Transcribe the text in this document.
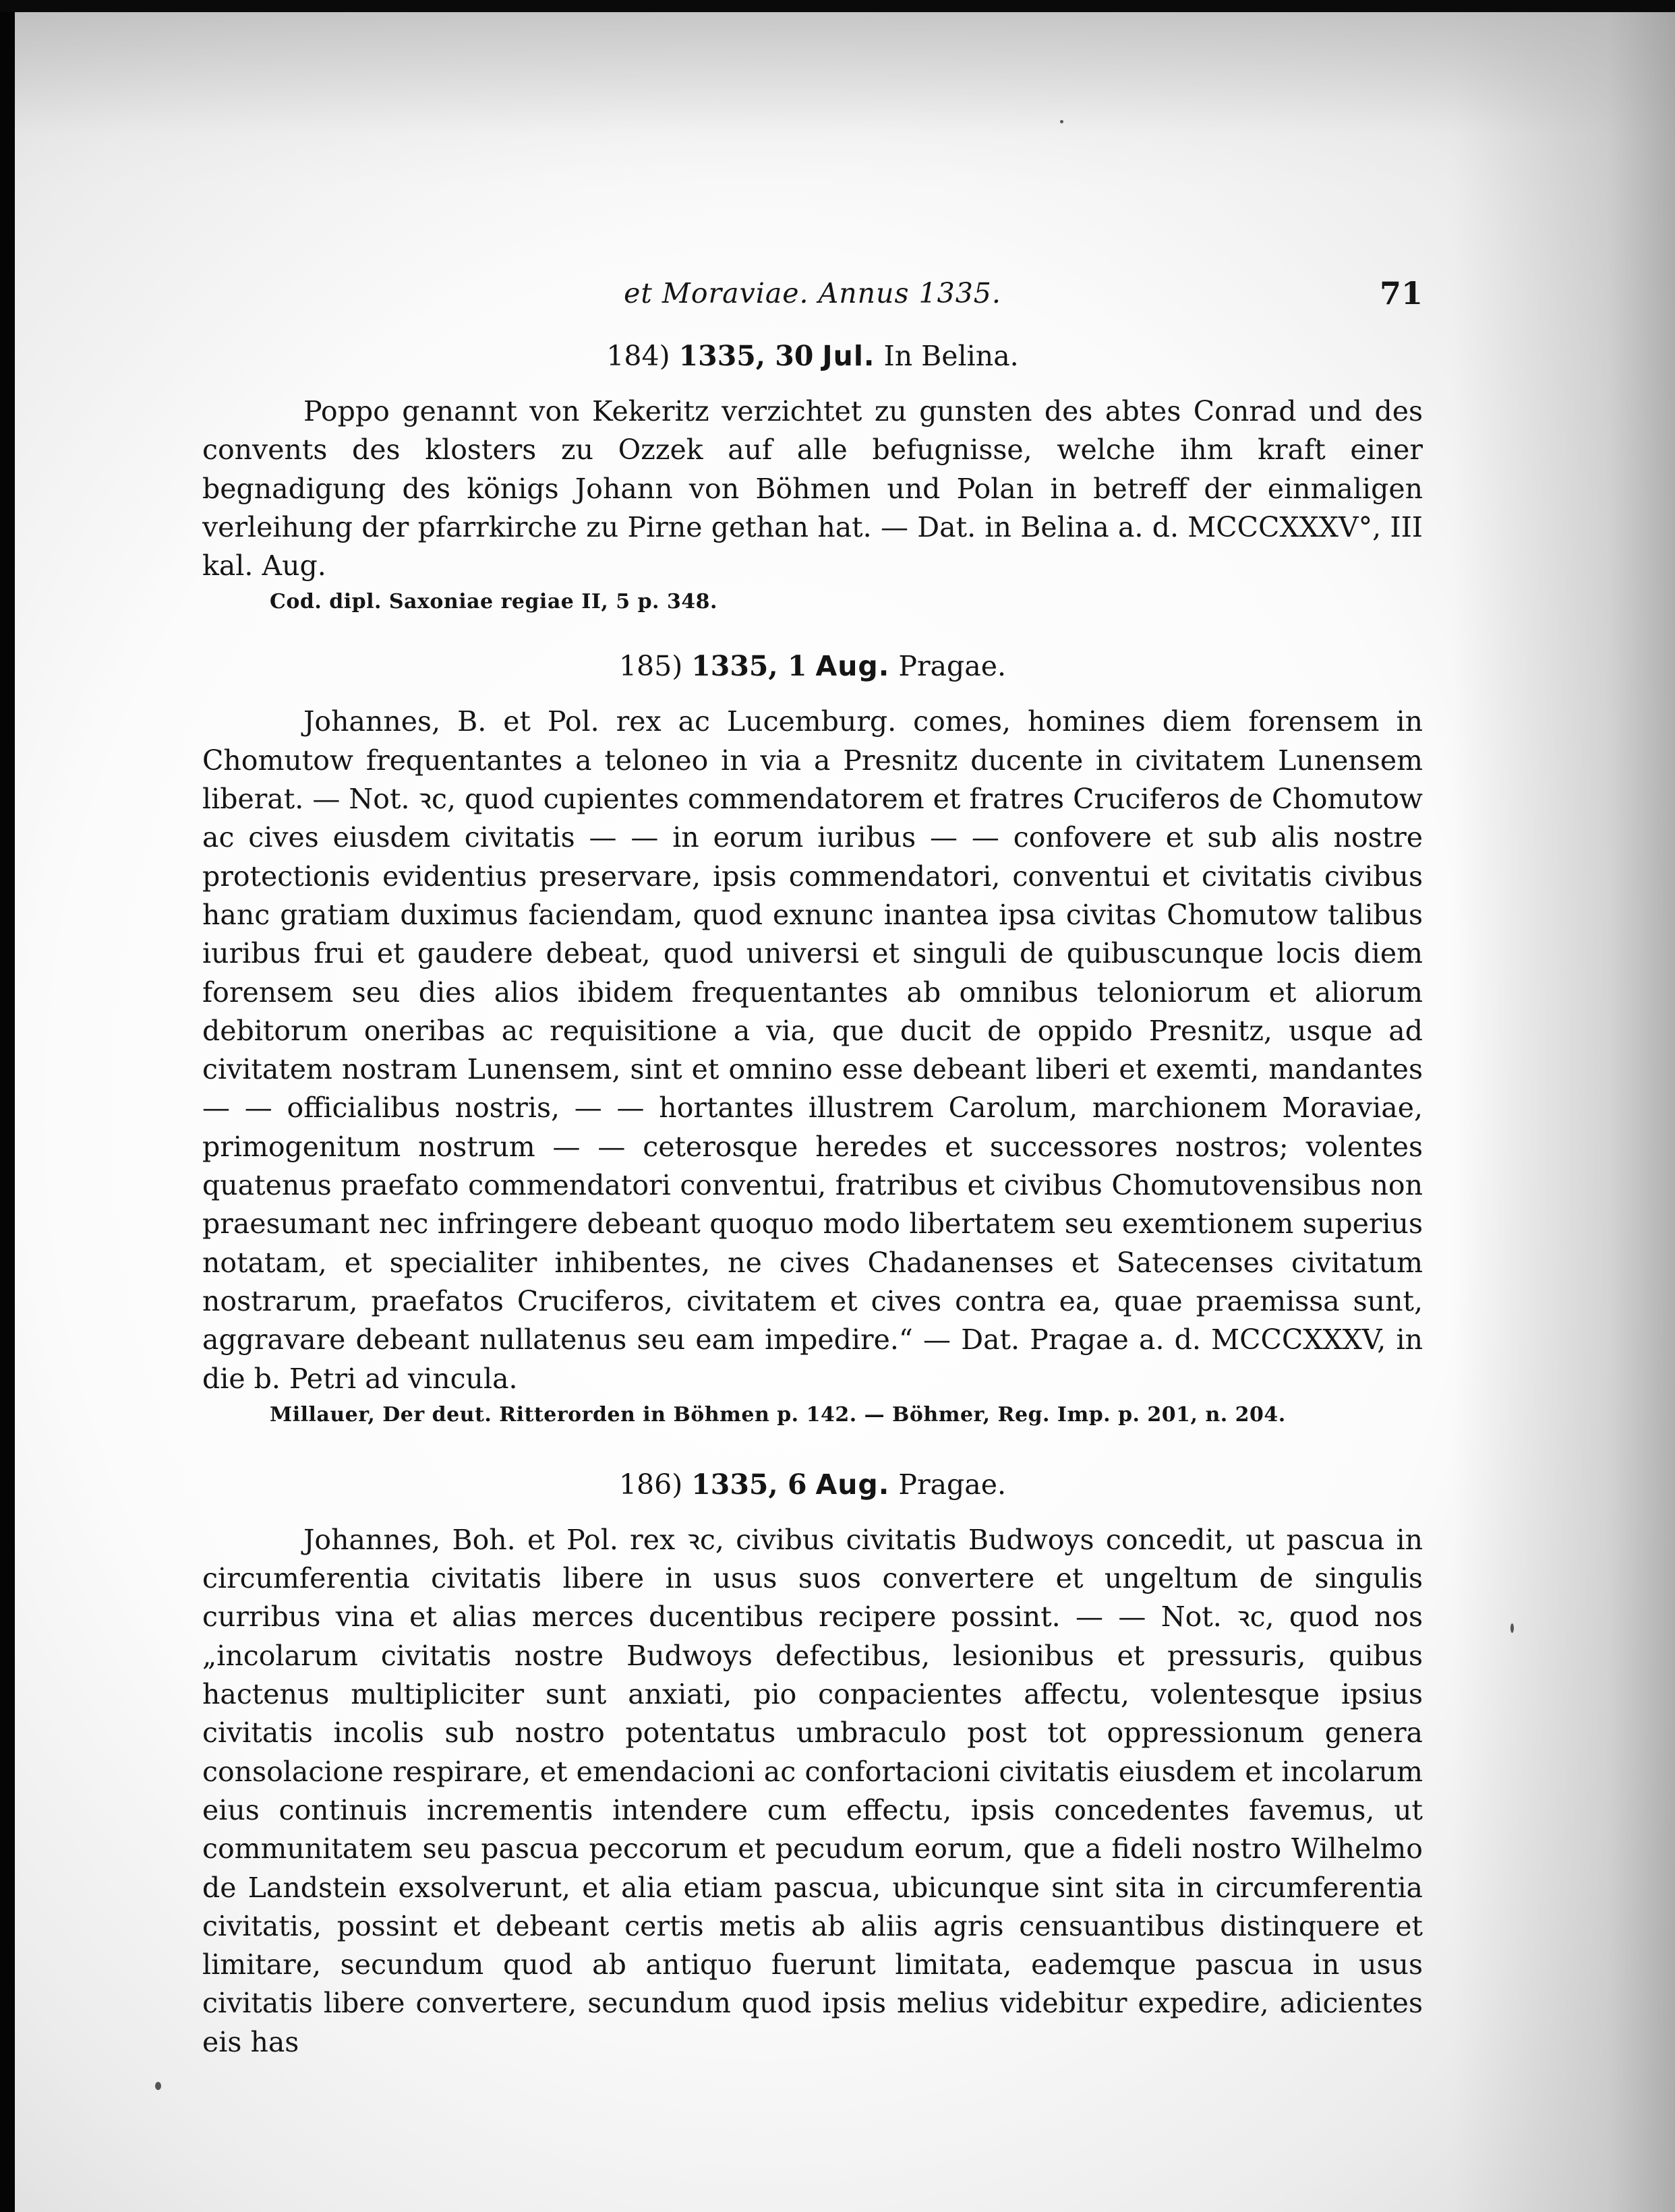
et Moraviae. Annus 1335.	71

184) 1335, 30 Jul. In Belina.

Poppo genannt von Kekeritz verzichtet zu gunsten des abtes Conrad und des convents des klosters zu Ozzek auf alle befugnisse, welche ihm kraft einer begnadigung des königs Johann von Böhmen und Polan in betreff der einmaligen verleihung der pfarrkirche zu Pirne gethan hat. — Dat. in Belina a. d. MCCCXXXV°, III kal. Aug.

Cod. dipl. Saxoniae regiae II, 5 p. 348.

185) 1335, 1 Aug. Pragae.

Johannes, B. et Pol. rex ac Lucemburg. comes, homines diem forensem in Chomutow frequentantes a teloneo in via a Presnitz ducente in civitatem Lunensem liberat. — Not. ꝛc, quod cupientes commendatorem et fratres Cruciferos de Chomutow ac cives eiusdem civitatis — — in eorum iuribus — — confovere et sub alis nostre protectionis evidentius preservare, ipsis commendatori, conventui et civitatis civibus hanc gratiam duximus faciendam, quod exnunc inantea ipsa civitas Chomutow talibus iuribus frui et gaudere debeat, quod universi et singuli de quibuscunque locis diem forensem seu dies alios ibidem frequentantes ab omnibus teloniorum et aliorum debitorum oneribas ac requisitione a via, que ducit de oppido Presnitz, usque ad civitatem nostram Lunensem, sint et omnino esse debeant liberi et exemti, mandantes — — officialibus nostris, — — hortantes illustrem Carolum, marchionem Moraviae, primogenitum nostrum — — ceterosque heredes et successores nostros; volentes quatenus praefato commendatori conventui, fratribus et civibus Chomutovensibus non praesumant nec infringere debeant quoquo modo libertatem seu exemtionem superius notatam, et specialiter inhibentes, ne cives Chadanenses et Satecenses civitatum nostrarum, praefatos Cruciferos, civitatem et cives contra ea, quae praemissa sunt, aggravare debeant nullatenus seu eam impedire.“ — Dat. Pragae a. d. MCCCXXXV, in die b. Petri ad vincula.

Millauer, Der deut. Ritterorden in Böhmen p. 142. — Böhmer, Reg. Imp. p. 201, n. 204.

186) 1335, 6 Aug. Pragae.

Johannes, Boh. et Pol. rex ꝛc, civibus civitatis Budwoys concedit, ut pascua in circumferentia civitatis libere in usus suos convertere et ungeltum de singulis curribus vina et alias merces ducentibus recipere possint. — — Not. ꝛc, quod nos „incolarum civitatis nostre Budwoys defectibus, lesionibus et pressuris, quibus hactenus multipliciter sunt anxiati, pio conpacientes affectu, volentesque ipsius civitatis incolis sub nostro potentatus umbraculo post tot oppressionum genera consolacione respirare, et emendacioni ac confortacioni civitatis eiusdem et incolarum eius continuis incrementis intendere cum effectu, ipsis concedentes favemus, ut communitatem seu pascua peccorum et pecudum eorum, que a fideli nostro Wilhelmo de Landstein exsolverunt, et alia etiam pascua, ubicunque sint sita in circumferentia civitatis, possint et debeant certis metis ab aliis agris censuantibus distinquere et limitare, secundum quod ab antiquo fuerunt limitata, eademque pascua in usus civitatis libere convertere, secundum quod ipsis melius videbitur expedire, adicientes eis has
